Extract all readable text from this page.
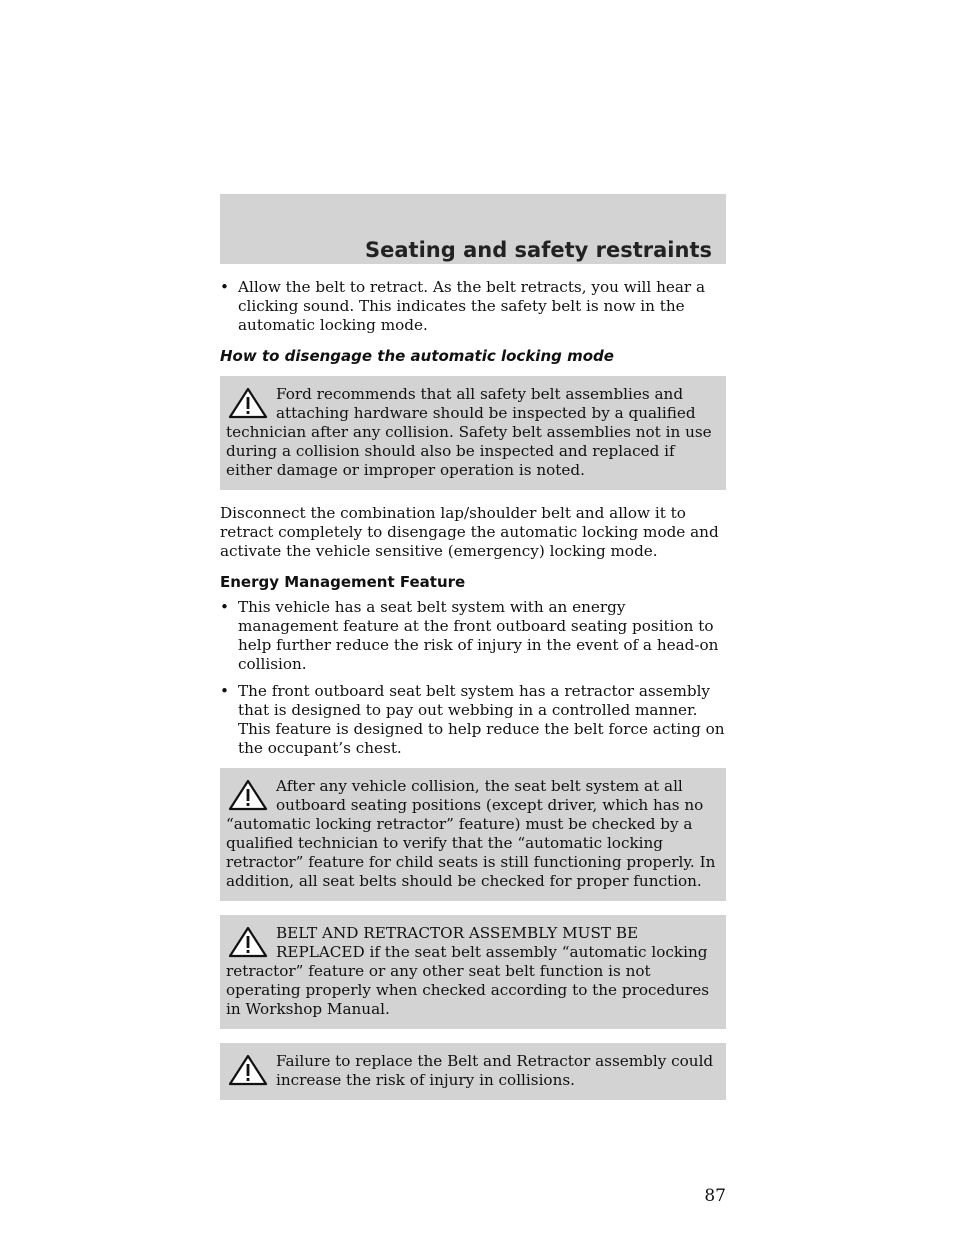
Seating and safety restraints
• Allow the belt to retract. As the belt retracts, you will hear a clicking sound. This indicates the safety belt is now in the automatic locking mode.
How to disengage the automatic locking mode

Ford recommends that all safety belt assemblies and attaching hardware should be inspected by a qualified technician after any collision. Safety belt assemblies not in use during a collision should also be inspected and replaced if either damage or improper operation is noted.

Disconnect the combination lap/shoulder belt and allow it to retract completely to disengage the automatic locking mode and activate the vehicle sensitive (emergency) locking mode.

Energy Management Feature
• This vehicle has a seat belt system with an energy management feature at the front outboard seating position to help further reduce the risk of injury in the event of a head-on collision.
• The front outboard seat belt system has a retractor assembly that is designed to pay out webbing in a controlled manner. This feature is designed to help reduce the belt force acting on the occupant’s chest.

After any vehicle collision, the seat belt system at all outboard seating positions (except driver, which has no “automatic locking retractor” feature) must be checked by a qualified technician to verify that the “automatic locking retractor” feature for child seats is still functioning properly. In addition, all seat belts should be checked for proper function.

BELT AND RETRACTOR ASSEMBLY MUST BE REPLACED if the seat belt assembly “automatic locking retractor” feature or any other seat belt function is not operating properly when checked according to the procedures in Workshop Manual.

Failure to replace the Belt and Retractor assembly could increase the risk of injury in collisions.

87
